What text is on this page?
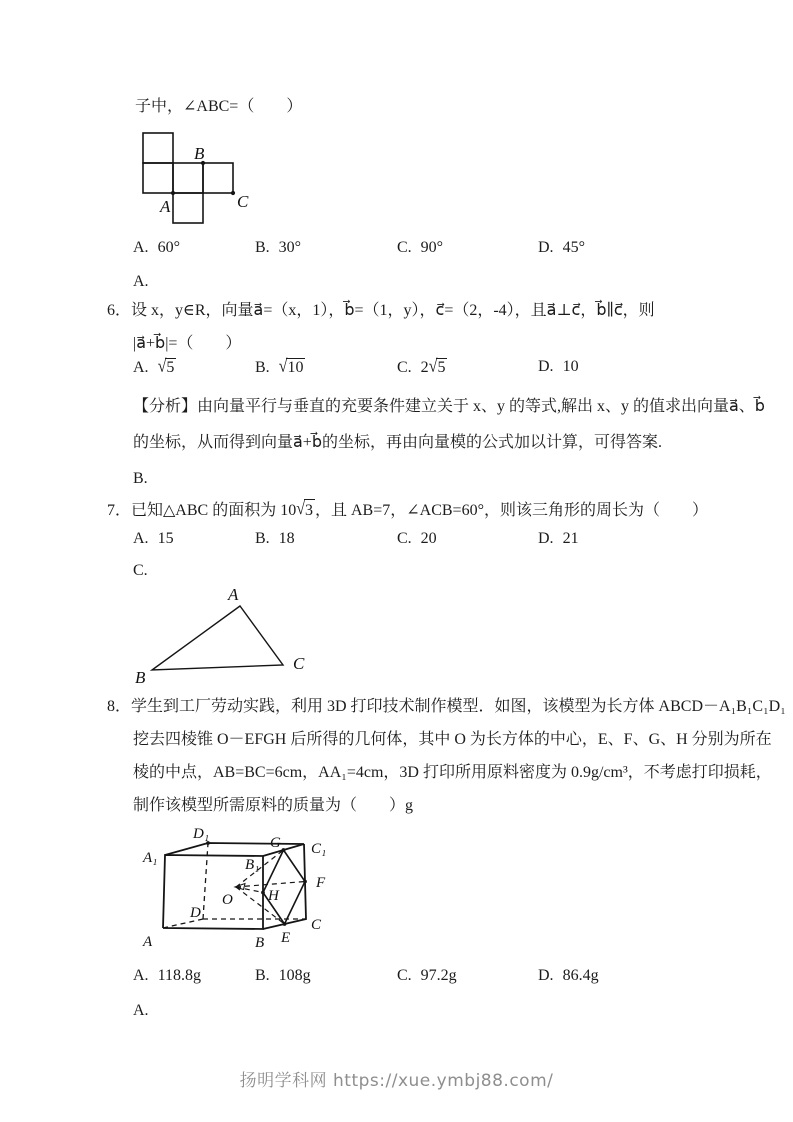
子中，∠ABC=（　　）
B
A	C
A. 60°	B. 30°	C. 90°	D. 45°
A.
6．设 x，y∈R，向量a⃗=（x，1），b⃗=（1，y），c⃗=（2，-4），且a⃗⊥c⃗，b⃗∥c⃗，则
|a⃗+b⃗|=（　　）
A. √5	B. √10	C. 2√5	D. 10
【分析】由向量平行与垂直的充要条件建立关于 x、y 的等式,解出 x、y 的值求出向量a⃗、b⃗
的坐标，从而得到向量a⃗+b⃗的坐标，再由向量模的公式加以计算，可得答案.
B.
7．已知△ABC 的面积为 10√3 ，且 AB=7，∠ACB=60°，则该三角形的周长为（　　）
A. 15	B. 18	C. 20	D. 21
C.
A
B
C
8．学生到工厂劳动实践，利用 3D 打印技术制作模型．如图，该模型为长方体 ABCD－A₁B₁C₁D₁
挖去四棱锥 O－EFGH 后所得的几何体，其中 O 为长方体的中心，E、F、G、H 分别为所在
棱的中点，AB=BC=6cm，AA₁=4cm，3D 打印所用原料密度为 0.9g/cm³，不考虑打印损耗，
制作该模型所需原料的质量为（　　）g
A	B
C
D
A₁	B₁
C₁
D₁
E
F
G
H
O
A. 118.8g	B. 108g	C. 97.2g	D. 86.4g
A.
扬明学科网 https://xue.ymbj88.com/
